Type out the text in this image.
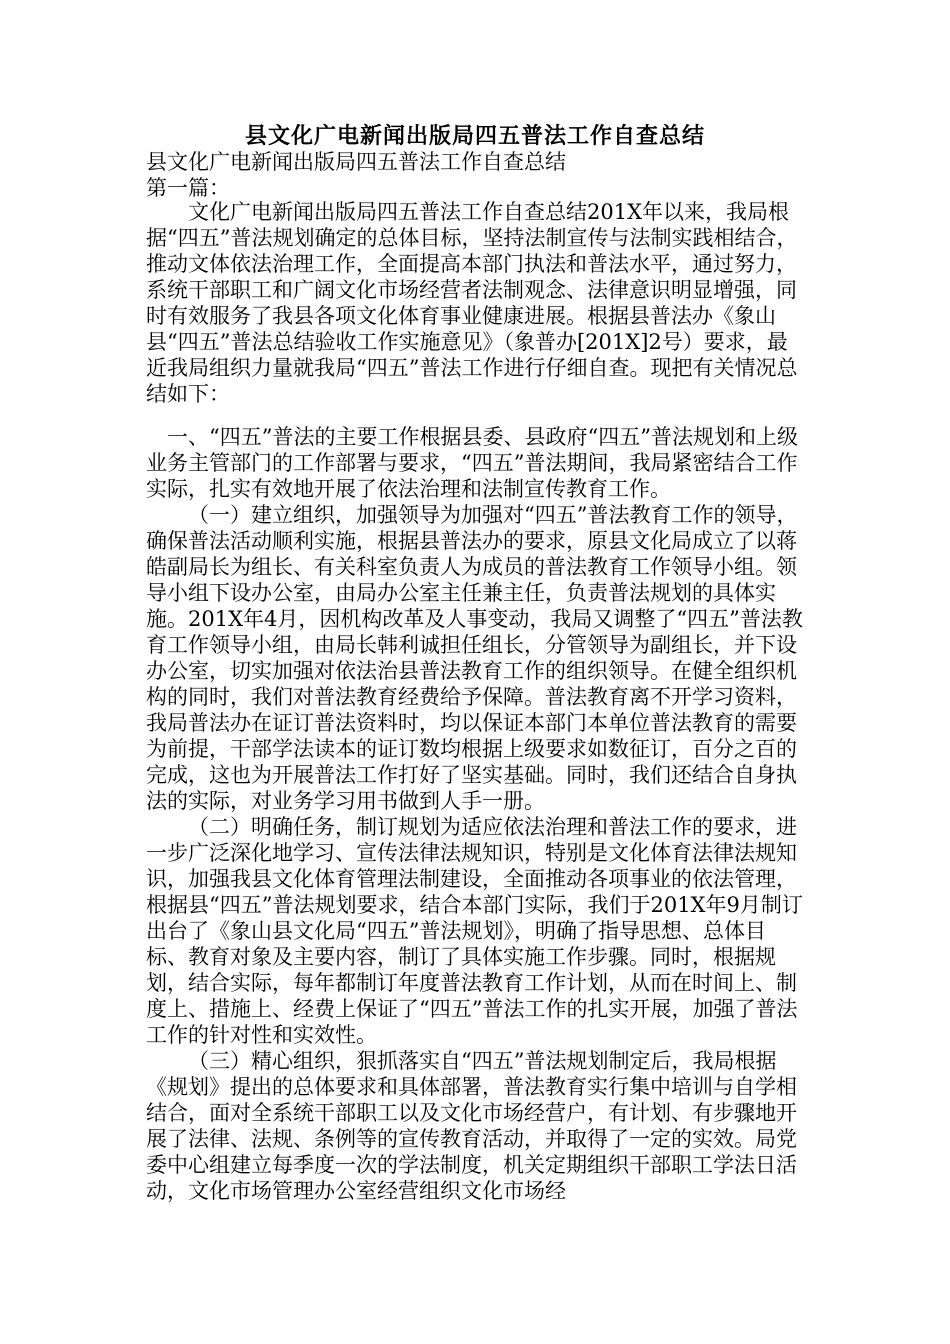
县文化广电新闻出版局四五普法工作自查总结
县文化广电新闻出版局四五普法工作自查总结
第一篇：

文化广电新闻出版局四五普法工作自查总结201X年以来，我局根据“四五”普法规划确定的总体目标，坚持法制宣传与法制实践相结合，推动文体依法治理工作，全面提高本部门执法和普法水平，通过努力，系统干部职工和广阔文化市场经营者法制观念、法律意识明显增强，同时有效服务了我县各项文化体育事业健康进展。根据县普法办《象山县“四五”普法总结验收工作实施意见》（象普办[201X]2号）要求，最近我局组织力量就我局“四五”普法工作进行仔细自查。现把有关情况总结如下：

一、“四五”普法的主要工作根据县委、县政府“四五”普法规划和上级业务主管部门的工作部署与要求，“四五”普法期间，我局紧密结合工作实际，扎实有效地开展了依法治理和法制宣传教育工作。

（一）建立组织，加强领导为加强对“四五”普法教育工作的领导，确保普法活动顺利实施，根据县普法办的要求，原县文化局成立了以蒋皓副局长为组长、有关科室负责人为成员的普法教育工作领导小组。领导小组下设办公室，由局办公室主任兼主任，负责普法规划的具体实施。201X年4月，因机构改革及人事变动，我局又调整了“四五”普法教育工作领导小组，由局长韩利诚担任组长，分管领导为副组长，并下设办公室，切实加强对依法治县普法教育工作的组织领导。在健全组织机构的同时，我们对普法教育经费给予保障。普法教育离不开学习资料，我局普法办在证订普法资料时，均以保证本部门本单位普法教育的需要为前提，干部学法读本的证订数均根据上级要求如数征订，百分之百的完成，这也为开展普法工作打好了坚实基础。同时，我们还结合自身执法的实际，对业务学习用书做到人手一册。

（二）明确任务，制订规划为适应依法治理和普法工作的要求，进一步广泛深化地学习、宣传法律法规知识，特别是文化体育法律法规知识，加强我县文化体育管理法制建设，全面推动各项事业的依法管理，根据县“四五”普法规划要求，结合本部门实际，我们于201X年9月制订出台了《象山县文化局“四五”普法规划》，明确了指导思想、总体目标、教育对象及主要内容，制订了具体实施工作步骤。同时，根据规划，结合实际，每年都制订年度普法教育工作计划，从而在时间上、制度上、措施上、经费上保证了“四五”普法工作的扎实开展，加强了普法工作的针对性和实效性。

（三）精心组织，狠抓落实自“四五”普法规划制定后，我局根据《规划》提出的总体要求和具体部署，普法教育实行集中培训与自学相结合，面对全系统干部职工以及文化市场经营户，有计划、有步骤地开展了法律、法规、条例等的宣传教育活动，并取得了一定的实效。局党委中心组建立每季度一次的学法制度，机关定期组织干部职工学法日活动，文化市场管理办公室经营组织文化市场经
